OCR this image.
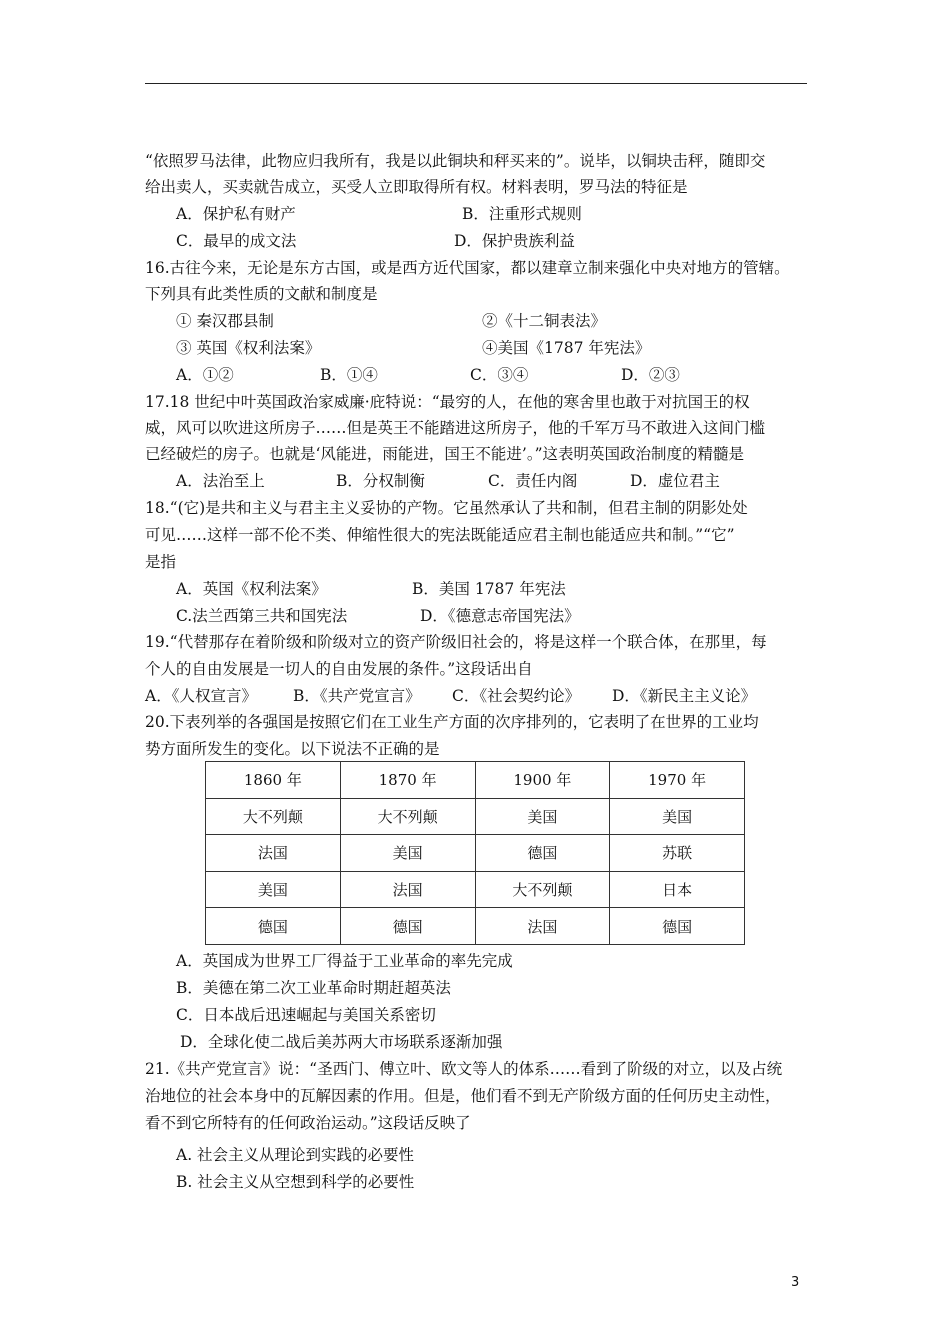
“依照罗马法律，此物应归我所有，我是以此铜块和秤买来的”。说毕，以铜块击秤，随即交
给出卖人，买卖就告成立，买受人立即取得所有权。材料表明，罗马法的特征是
A．保护私有财产	B．注重形式规则
C．最早的成文法	D．保护贵族利益
16.古往今来，无论是东方古国，或是西方近代国家，都以建章立制来强化中央对地方的管辖。
下列具有此类性质的文献和制度是
① 秦汉郡县制	②《十二铜表法》
③ 英国《权利法案》	④美国《1787 年宪法》
A．①②	B．①④	C．③④	D．②③
17.18 世纪中叶英国政治家威廉·庇特说：“最穷的人，在他的寒舍里也敢于对抗国王的权
威，风可以吹进这所房子……但是英王不能踏进这所房子，他的千军万马不敢进入这间门槛
已经破烂的房子。也就是‘风能进，雨能进，国王不能进’。”这表明英国政治制度的精髓是
A．法治至上	B．分权制衡	C．责任内阁	D．虚位君主
18.“(它)是共和主义与君主主义妥协的产物。它虽然承认了共和制，但君主制的阴影处处
可见……这样一部不伦不类、伸缩性很大的宪法既能适应君主制也能适应共和制。”“它”
是指
A．英国《权利法案》	B．美国 1787 年宪法
C.法兰西第三共和国宪法	D．《德意志帝国宪法》
19.“代替那存在着阶级和阶级对立的资产阶级旧社会的，将是这样一个联合体，在那里，每
个人的自由发展是一切人的自由发展的条件。”这段话出自
A．《人权宣言》 B．《共产党宣言》 C．《社会契约论》 D．《新民主主义论》
20.下表列举的各强国是按照它们在工业生产方面的次序排列的，它表明了在世界的工业均
势方面所发生的变化。以下说法不正确的是
1860 年	1870 年	1900 年	1970 年
大不列颠	大不列颠	美国	美国
法国	美国	德国	苏联
美国	法国	大不列颠	日本
德国	德国	法国	德国
A．英国成为世界工厂得益于工业革命的率先完成
B．美德在第二次工业革命时期赶超英法
C．日本战后迅速崛起与美国关系密切
D．全球化使二战后美苏两大市场联系逐渐加强
21.《共产党宣言》说：“圣西门、傅立叶、欧文等人的体系……看到了阶级的对立，以及占统
治地位的社会本身中的瓦解因素的作用。但是，他们看不到无产阶级方面的任何历史主动性，
看不到它所特有的任何政治运动。”这段话反映了
A. 社会主义从理论到实践的必要性
B. 社会主义从空想到科学的必要性
3
